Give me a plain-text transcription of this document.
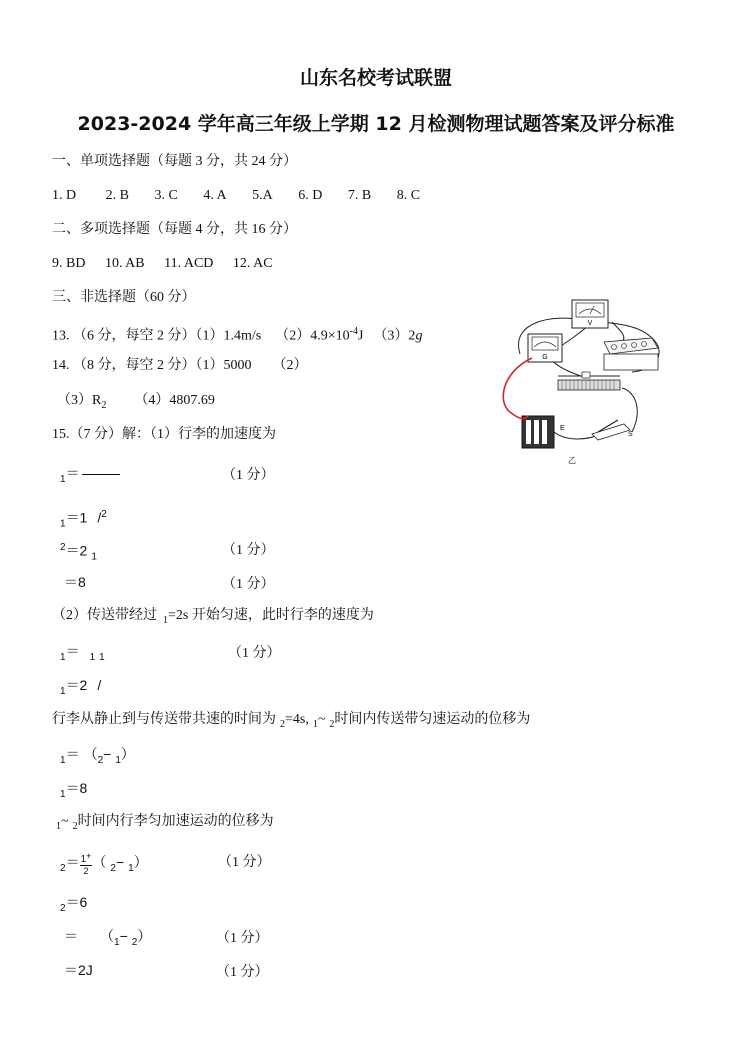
山东名校考试联盟
2023-2024 学年高三年级上学期 12 月检测物理试题答案及评分标准
一、单项选择题（每题 3 分，共 24 分）
1. D 2. B 3. C 4. A 5.A 6. D 7. B 8. C
二、多项选择题（每题 4 分，共 16 分）
9. BD 10. AB 11. ACD 12. AC
三、非选择题（60 分）
13. （6 分，每空 2 分）（1）1.4m/s $(2)4.9\times 10^{-4}J$ （3）2g
14. （8 分，每空 2 分）（1）5000　　（2）
$(3)R_2$ （4）4807.69
15.（7 分）解：（1）行李的加速度为
$_1$＝	（1 分）
$_1$＝1 /$^2$
$^2$＝2 $_1$	（1 分）
＝8	（1 分）
（2）传送带经过 $_1$=2s 开始匀速，此时行李的速度为
$_1$＝ $_1$ $_1$	（1 分）
$_1$＝2 /
行李从静止到与传送带共速的时间为 $_2$=4s, $_1$~ $_2$时间内传送带匀速运动的位移为
$_1= (_2- _1)$
$_1$＝8
$_1$~ $_2$时间内行李匀加速运动的位移为
$_2= \frac{_1+}{2}$ （ $_2$− $_1$）	（1 分）
$_2$＝6
＝ $(_1- _2)$	（1 分）
＝2J	（1 分）
V
G
E
S
乙
